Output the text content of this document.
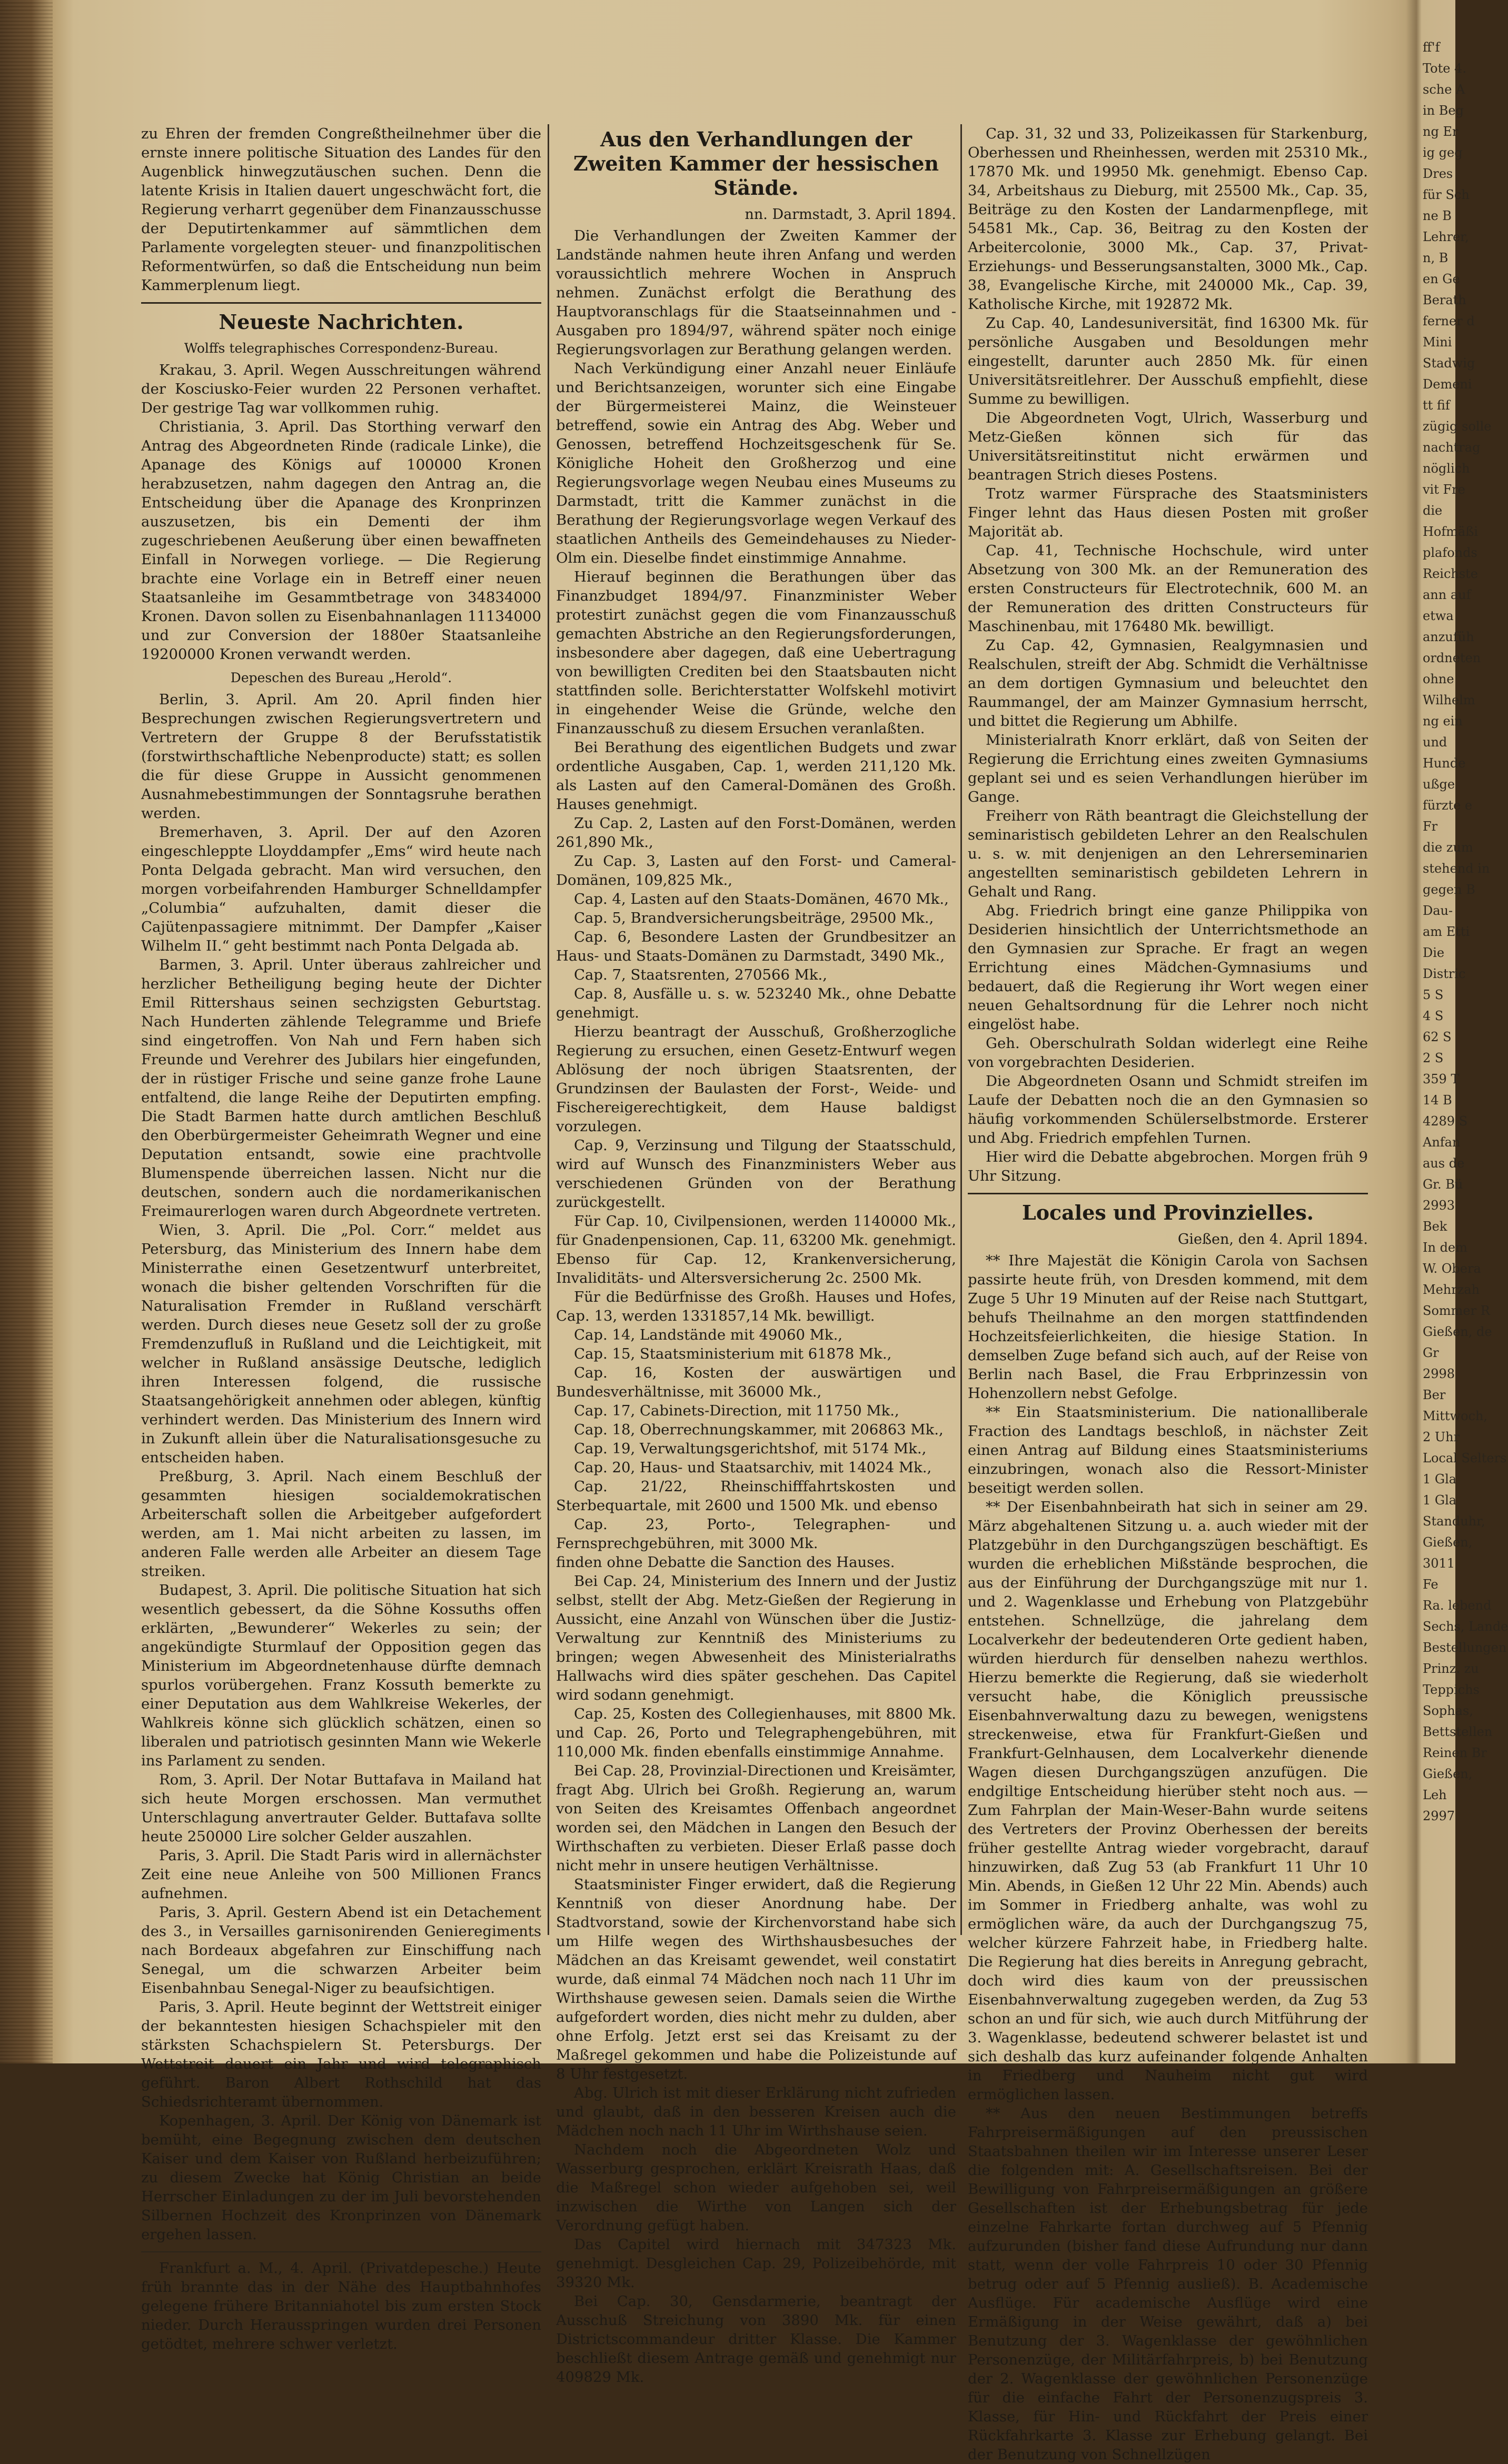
zu Ehren der fremden Congreßtheilnehmer über die ernste innere politische Situation des Landes für den Augenblick hinwegzutäuschen suchen. Denn die latente Krisis in Italien dauert ungeschwächt fort, die Regierung verharrt gegenüber dem Finanzausschusse der Deputirtenkammer auf sämmtlichen dem Parlamente vorgelegten steuer- und finanzpolitischen Reformentwürfen, so daß die Entscheidung nun beim Kammerplenum liegt.

Neueste Nachrichten.
Wolffs telegraphisches Correspondenz-Bureau.

Krakau, 3. April. Wegen Ausschreitungen während der Kosciusko-Feier wurden 22 Personen verhaftet. Der gestrige Tag war vollkommen ruhig.

Christiania, 3. April. Das Storthing verwarf den Antrag des Abgeordneten Rinde (radicale Linke), die Apanage des Königs auf 100000 Kronen herabzusetzen, nahm dagegen den Antrag an, die Entscheidung über die Apanage des Kronprinzen auszusetzen, bis ein Dementi der ihm zugeschriebenen Aeußerung über einen bewaffneten Einfall in Norwegen vorliege. — Die Regierung brachte eine Vorlage ein in Betreff einer neuen Staatsanleihe im Gesammtbetrage von 34834000 Kronen. Davon sollen zu Eisenbahnanlagen 11134000 und zur Conversion der 1880er Staatsanleihe 19200000 Kronen verwandt werden.

Depeschen des Bureau „Herold“.

Berlin, 3. April. Am 20. April finden hier Besprechungen zwischen Regierungsvertretern und Vertretern der Gruppe 8 der Berufsstatistik (forstwirthschaftliche Nebenproducte) statt; es sollen die für diese Gruppe in Aussicht genommenen Ausnahmebestimmungen der Sonntagsruhe berathen werden.

Bremerhaven, 3. April. Der auf den Azoren eingeschleppte Lloyddampfer „Ems“ wird heute nach Ponta Delgada gebracht. Man wird versuchen, den morgen vorbeifahrenden Hamburger Schnelldampfer „Columbia“ aufzuhalten, damit dieser die Cajütenpassagiere mitnimmt. Der Dampfer „Kaiser Wilhelm II.“ geht bestimmt nach Ponta Delgada ab.

Barmen, 3. April. Unter überaus zahlreicher und herzlicher Betheiligung beging heute der Dichter Emil Rittershaus seinen sechzigsten Geburtstag. Nach Hunderten zählende Telegramme und Briefe sind eingetroffen. Von Nah und Fern haben sich Freunde und Verehrer des Jubilars hier eingefunden, der in rüstiger Frische und seine ganze frohe Laune entfaltend, die lange Reihe der Deputirten empfing. Die Stadt Barmen hatte durch amtlichen Beschluß den Oberbürgermeister Geheimrath Wegner und eine Deputation entsandt, sowie eine prachtvolle Blumenspende überreichen lassen. Nicht nur die deutschen, sondern auch die nordamerikanischen Freimaurerlogen waren durch Abgeordnete vertreten.

Wien, 3. April. Die „Pol. Corr.“ meldet aus Petersburg, das Ministerium des Innern habe dem Ministerrathe einen Gesetzentwurf unterbreitet, wonach die bisher geltenden Vorschriften für die Naturalisation Fremder in Rußland verschärft werden. Durch dieses neue Gesetz soll der zu große Fremdenzufluß in Rußland und die Leichtigkeit, mit welcher in Rußland ansässige Deutsche, lediglich ihren Interessen folgend, die russische Staatsangehörigkeit annehmen oder ablegen, künftig verhindert werden. Das Ministerium des Innern wird in Zukunft allein über die Naturalisationsgesuche zu entscheiden haben.

Preßburg, 3. April. Nach einem Beschluß der gesammten hiesigen socialdemokratischen Arbeiterschaft sollen die Arbeitgeber aufgefordert werden, am 1. Mai nicht arbeiten zu lassen, im anderen Falle werden alle Arbeiter an diesem Tage streiken.

Budapest, 3. April. Die politische Situation hat sich wesentlich gebessert, da die Söhne Kossuths offen erklärten, „Bewunderer“ Wekerles zu sein; der angekündigte Sturmlauf der Opposition gegen das Ministerium im Abgeordnetenhause dürfte demnach spurlos vorübergehen. Franz Kossuth bemerkte zu einer Deputation aus dem Wahlkreise Wekerles, der Wahlkreis könne sich glücklich schätzen, einen so liberalen und patriotisch gesinnten Mann wie Wekerle ins Parlament zu senden.

Rom, 3. April. Der Notar Buttafava in Mailand hat sich heute Morgen erschossen. Man vermuthet Unterschlagung anvertrauter Gelder. Buttafava sollte heute 250000 Lire solcher Gelder auszahlen.

Paris, 3. April. Die Stadt Paris wird in allernächster Zeit eine neue Anleihe von 500 Millionen Francs aufnehmen.

Paris, 3. April. Gestern Abend ist ein Detachement des 3., in Versailles garnisonirenden Genieregiments nach Bordeaux abgefahren zur Einschiffung nach Senegal, um die schwarzen Arbeiter beim Eisenbahnbau Senegal-Niger zu beaufsichtigen.

Paris, 3. April. Heute beginnt der Wettstreit einiger der bekanntesten hiesigen Schachspieler mit den stärksten Schachspielern St. Petersburgs. Der Wettstreit dauert ein Jahr und wird telegraphisch geführt. Baron Albert Rothschild hat das Schiedsrichteramt übernommen.

Kopenhagen, 3. April. Der König von Dänemark ist bemüht, eine Begegnung zwischen dem deutschen Kaiser und dem Kaiser von Rußland herbeizuführen; zu diesem Zwecke hat König Christian an beide Herrscher Einladungen zu der im Juli bevorstehenden Silbernen Hochzeit des Kronprinzen von Dänemark ergehen lassen.

Frankfurt a. M., 4. April. (Privatdepesche.) Heute früh brannte das in der Nähe des Hauptbahnhofes gelegene frühere Britanniahotel bis zum ersten Stock nieder. Durch Herausspringen wurden drei Personen getödtet, mehrere schwer verletzt.

Aus den Verhandlungen der Zweiten Kammer der hessischen Stände.
nn. Darmstadt, 3. April 1894.

Die Verhandlungen der Zweiten Kammer der Landstände nahmen heute ihren Anfang und werden voraussichtlich mehrere Wochen in Anspruch nehmen. Zunächst erfolgt die Berathung des Hauptvoranschlags für die Staatseinnahmen und -Ausgaben pro 1894/97, während später noch einige Regierungsvorlagen zur Berathung gelangen werden.

Nach Verkündigung einer Anzahl neuer Einläufe und Berichtsanzeigen, worunter sich eine Eingabe der Bürgermeisterei Mainz, die Weinsteuer betreffend, sowie ein Antrag des Abg. Weber und Genossen, betreffend Hochzeitsgeschenk für Se. Königliche Hoheit den Großherzog und eine Regierungsvorlage wegen Neubau eines Museums zu Darmstadt, tritt die Kammer zunächst in die Berathung der Regierungsvorlage wegen Verkauf des staatlichen Antheils des Gemeindehauses zu Nieder-Olm ein. Dieselbe findet einstimmige Annahme.

Hierauf beginnen die Berathungen über das Finanzbudget 1894/97. Finanzminister Weber protestirt zunächst gegen die vom Finanzausschuß gemachten Abstriche an den Regierungsforderungen, insbesondere aber dagegen, daß eine Uebertragung von bewilligten Crediten bei den Staatsbauten nicht stattfinden solle. Berichterstatter Wolfskehl motivirt in eingehender Weise die Gründe, welche den Finanzausschuß zu diesem Ersuchen veranlaßten.

Bei Berathung des eigentlichen Budgets und zwar ordentliche Ausgaben, Cap. 1, werden 211,120 Mk. als Lasten auf den Cameral-Domänen des Großh. Hauses genehmigt.

Zu Cap. 2, Lasten auf den Forst-Domänen, werden 261,890 Mk.,

Zu Cap. 3, Lasten auf den Forst- und Cameral-Domänen, 109,825 Mk.,

Cap. 4, Lasten auf den Staats-Domänen, 4670 Mk.,

Cap. 5, Brandversicherungsbeiträge, 29500 Mk.,

Cap. 6, Besondere Lasten der Grundbesitzer an Haus- und Staats-Domänen zu Darmstadt, 3490 Mk.,

Cap. 7, Staatsrenten, 270566 Mk.,

Cap. 8, Ausfälle u. s. w. 523240 Mk., ohne Debatte genehmigt.

Hierzu beantragt der Ausschuß, Großherzogliche Regierung zu ersuchen, einen Gesetz-Entwurf wegen Ablösung der noch übrigen Staatsrenten, der Grundzinsen der Baulasten der Forst-, Weide- und Fischereigerechtigkeit, dem Hause baldigst vorzulegen.

Cap. 9, Verzinsung und Tilgung der Staatsschuld, wird auf Wunsch des Finanzministers Weber aus verschiedenen Gründen von der Berathung zurückgestellt.

Für Cap. 10, Civilpensionen, werden 1140000 Mk., für Gnadenpensionen, Cap. 11, 63200 Mk. genehmigt. Ebenso für Cap. 12, Krankenversicherung, Invaliditäts- und Altersversicherung 2c. 2500 Mk.

Für die Bedürfnisse des Großh. Hauses und Hofes, Cap. 13, werden 1331857,14 Mk. bewilligt.

Cap. 14, Landstände mit 49060 Mk.,

Cap. 15, Staatsministerium mit 61878 Mk.,

Cap. 16, Kosten der auswärtigen und Bundesverhältnisse, mit 36000 Mk.,

Cap. 17, Cabinets-Direction, mit 11750 Mk.,

Cap. 18, Oberrechnungskammer, mit 206863 Mk.,

Cap. 19, Verwaltungsgerichtshof, mit 5174 Mk.,

Cap. 20, Haus- und Staatsarchiv, mit 14024 Mk.,

Cap. 21/22, Rheinschifffahrtskosten und Sterbequartale, mit 2600 und 1500 Mk. und ebenso

Cap. 23, Porto-, Telegraphen- und Fernsprechgebühren, mit 3000 Mk.

finden ohne Debatte die Sanction des Hauses.

Bei Cap. 24, Ministerium des Innern und der Justiz selbst, stellt der Abg. Metz-Gießen der Regierung in Aussicht, eine Anzahl von Wünschen über die Justiz-Verwaltung zur Kenntniß des Ministeriums zu bringen; wegen Abwesenheit des Ministerialraths Hallwachs wird dies später geschehen. Das Capitel wird sodann genehmigt.

Cap. 25, Kosten des Collegienhauses, mit 8800 Mk. und Cap. 26, Porto und Telegraphengebühren, mit 110,000 Mk. finden ebenfalls einstimmige Annahme.

Bei Cap. 28, Provinzial-Directionen und Kreisämter, fragt Abg. Ulrich bei Großh. Regierung an, warum von Seiten des Kreisamtes Offenbach angeordnet worden sei, den Mädchen in Langen den Besuch der Wirthschaften zu verbieten. Dieser Erlaß passe doch nicht mehr in unsere heutigen Verhältnisse.

Staatsminister Finger erwidert, daß die Regierung Kenntniß von dieser Anordnung habe. Der Stadtvorstand, sowie der Kirchenvorstand habe sich um Hilfe wegen des Wirthshausbesuches der Mädchen an das Kreisamt gewendet, weil constatirt wurde, daß einmal 74 Mädchen noch nach 11 Uhr im Wirthshause gewesen seien. Damals seien die Wirthe aufgefordert worden, dies nicht mehr zu dulden, aber ohne Erfolg. Jetzt erst sei das Kreisamt zu der Maßregel gekommen und habe die Polizeistunde auf 8 Uhr festgesetzt.

Abg. Ulrich ist mit dieser Erklärung nicht zufrieden und glaubt, daß in den besseren Kreisen auch die Mädchen noch nach 11 Uhr im Wirthshause seien.

Nachdem noch die Abgeordneten Wolz und Wasserburg gesprochen, erklärt Kreisrath Haas, daß die Maßregel schon wieder aufgehoben sei, weil inzwischen die Wirthe von Langen sich der Verordnung gefügt haben.

Das Capitel wird hiernach mit 347323 Mk. genehmigt. Desgleichen Cap. 29, Polizeibehörde, mit 39320 Mk.

Bei Cap. 30, Gensdarmerie, beantragt der Ausschuß Streichung von 3890 Mk. für einen Districtscommandeur dritter Klasse. Die Kammer beschließt diesem Antrage gemäß und genehmigt nur 409829 Mk.

Cap. 31, 32 und 33, Polizeikassen für Starkenburg, Oberhessen und Rheinhessen, werden mit 25310 Mk., 17870 Mk. und 19950 Mk. genehmigt. Ebenso Cap. 34, Arbeitshaus zu Dieburg, mit 25500 Mk., Cap. 35, Beiträge zu den Kosten der Landarmenpflege, mit 54581 Mk., Cap. 36, Beitrag zu den Kosten der Arbeitercolonie, 3000 Mk., Cap. 37, Privat-Erziehungs- und Besserungsanstalten, 3000 Mk., Cap. 38, Evangelische Kirche, mit 240000 Mk., Cap. 39, Katholische Kirche, mit 192872 Mk.

Zu Cap. 40, Landesuniversität, find 16300 Mk. für persönliche Ausgaben und Besoldungen mehr eingestellt, darunter auch 2850 Mk. für einen Universitätsreitlehrer. Der Ausschuß empfiehlt, diese Summe zu bewilligen.

Die Abgeordneten Vogt, Ulrich, Wasserburg und Metz-Gießen können sich für das Universitätsreitinstitut nicht erwärmen und beantragen Strich dieses Postens.

Trotz warmer Fürsprache des Staatsministers Finger lehnt das Haus diesen Posten mit großer Majorität ab.

Cap. 41, Technische Hochschule, wird unter Absetzung von 300 Mk. an der Remuneration des ersten Constructeurs für Electrotechnik, 600 M. an der Remuneration des dritten Constructeurs für Maschinenbau, mit 176480 Mk. bewilligt.

Zu Cap. 42, Gymnasien, Realgymnasien und Realschulen, streift der Abg. Schmidt die Verhältnisse an dem dortigen Gymnasium und beleuchtet den Raummangel, der am Mainzer Gymnasium herrscht, und bittet die Regierung um Abhilfe.

Ministerialrath Knorr erklärt, daß von Seiten der Regierung die Errichtung eines zweiten Gymnasiums geplant sei und es seien Verhandlungen hierüber im Gange.

Freiherr von Räth beantragt die Gleichstellung der seminaristisch gebildeten Lehrer an den Realschulen u. s. w. mit denjenigen an den Lehrerseminarien angestellten seminaristisch gebildeten Lehrern in Gehalt und Rang.

Abg. Friedrich bringt eine ganze Philippika von Desiderien hinsichtlich der Unterrichtsmethode an den Gymnasien zur Sprache. Er fragt an wegen Errichtung eines Mädchen-Gymnasiums und bedauert, daß die Regierung ihr Wort wegen einer neuen Gehaltsordnung für die Lehrer noch nicht eingelöst habe.

Geh. Oberschulrath Soldan widerlegt eine Reihe von vorgebrachten Desiderien.

Die Abgeordneten Osann und Schmidt streifen im Laufe der Debatten noch die an den Gymnasien so häufig vorkommenden Schülerselbstmorde. Ersterer und Abg. Friedrich empfehlen Turnen.

Hier wird die Debatte abgebrochen. Morgen früh 9 Uhr Sitzung.

Locales und Provinzielles.
Gießen, den 4. April 1894.

** Ihre Majestät die Königin Carola von Sachsen passirte heute früh, von Dresden kommend, mit dem Zuge 5 Uhr 19 Minuten auf der Reise nach Stuttgart, behufs Theilnahme an den morgen stattfindenden Hochzeitsfeierlichkeiten, die hiesige Station. In demselben Zuge befand sich auch, auf der Reise von Berlin nach Basel, die Frau Erbprinzessin von Hohenzollern nebst Gefolge.

** Ein Staatsministerium. Die nationalliberale Fraction des Landtags beschloß, in nächster Zeit einen Antrag auf Bildung eines Staatsministeriums einzubringen, wonach also die Ressort-Minister beseitigt werden sollen.

** Der Eisenbahnbeirath hat sich in seiner am 29. März abgehaltenen Sitzung u. a. auch wieder mit der Platzgebühr in den Durchgangszügen beschäftigt. Es wurden die erheblichen Mißstände besprochen, die aus der Einführung der Durchgangszüge mit nur 1. und 2. Wagenklasse und Erhebung von Platzgebühr entstehen. Schnellzüge, die jahrelang dem Localverkehr der bedeutenderen Orte gedient haben, würden hierdurch für denselben nahezu werthlos. Hierzu bemerkte die Regierung, daß sie wiederholt versucht habe, die Königlich preussische Eisenbahnverwaltung dazu zu bewegen, wenigstens streckenweise, etwa für Frankfurt-Gießen und Frankfurt-Gelnhausen, dem Localverkehr dienende Wagen diesen Durchgangszügen anzufügen. Die endgiltige Entscheidung hierüber steht noch aus. — Zum Fahrplan der Main-Weser-Bahn wurde seitens des Vertreters der Provinz Oberhessen der bereits früher gestellte Antrag wieder vorgebracht, darauf hinzuwirken, daß Zug 53 (ab Frankfurt 11 Uhr 10 Min. Abends, in Gießen 12 Uhr 22 Min. Abends) auch im Sommer in Friedberg anhalte, was wohl zu ermöglichen wäre, da auch der Durchgangszug 75, welcher kürzere Fahrzeit habe, in Friedberg halte. Die Regierung hat dies bereits in Anregung gebracht, doch wird dies kaum von der preussischen Eisenbahnverwaltung zugegeben werden, da Zug 53 schon an und für sich, wie auch durch Mitführung der 3. Wagenklasse, bedeutend schwerer belastet ist und sich deshalb das kurz aufeinander folgende Anhalten in Friedberg und Nauheim nicht gut wird ermöglichen lassen.

** Aus den neuen Bestimmungen betreffs Fahrpreisermäßigungen auf den preussischen Staatsbahnen theilen wir im Interesse unserer Leser die folgenden mit: A. Gesellschaftsreisen. Bei der Bewilligung von Fahrpreisermäßigungen an größere Gesellschaften ist der Erhebungsbetrag für jede einzelne Fahrkarte fortan durchweg auf 5 Pfennig aufzurunden (bisher fand diese Aufrundung nur dann statt, wenn der volle Fahrpreis 10 oder 30 Pfennig betrug oder auf 5 Pfennig ausließ). B. Academische Ausflüge. Für academische Ausflüge wird eine Ermäßigung in der Weise gewährt, daß a) bei Benutzung der 3. Wagenklasse der gewöhnlichen Personenzüge, der Militärfahrpreis, b) bei Benutzung der 2. Wagenklasse der gewöhnlichen Personenzüge für die einfache Fahrt der Personenzugspreis 3. Klasse, für Hin- und Rückfahrt der Preis einer Rückfahrkarte 3. Klasse zur Erhebung gelangt. Bei der Benutzung von Schnellzügen

ff'f
Tote 4.
sche A
in Beg
ng Er
ig geg
Dres
für Sch
ne B
Lehrer,
n, B
en Ge
Berath
ferner d
Mini
Stadwig
Demeni
tt fif
zügig solle
nachtrag
nöglich
vit Fre
die
Hofmäßi
plafonds
Reichste
ann auf
etwa
anzufüh
ordneten
ohne
Wilhelm
ng ein
und
Hunde
ußge
fürzte e
Fr
die zum
stehend in
gegen B
Dau-
am Etti
Die
Distric
5 S
4 S
62 S
2 S
359 T
14 B
4289 S
Anfan
aus de
Gr. Bü
2993
Bek
In dem
W. Obera
Mehrzah
Sommer R
Gießen, de
Gr
2998
Ber
Mittwoch,
2 Uhr
Local Selters
1 Gla
1 Gla
Standuhr,
Gießen,
3011
Fe
Ra. lebend
Sechs, Lande
Bestellungen
Prinz. zu
Teppichs
Sophas,
Bettstellen
Reinen Br
Gießen,
Leh
2997
